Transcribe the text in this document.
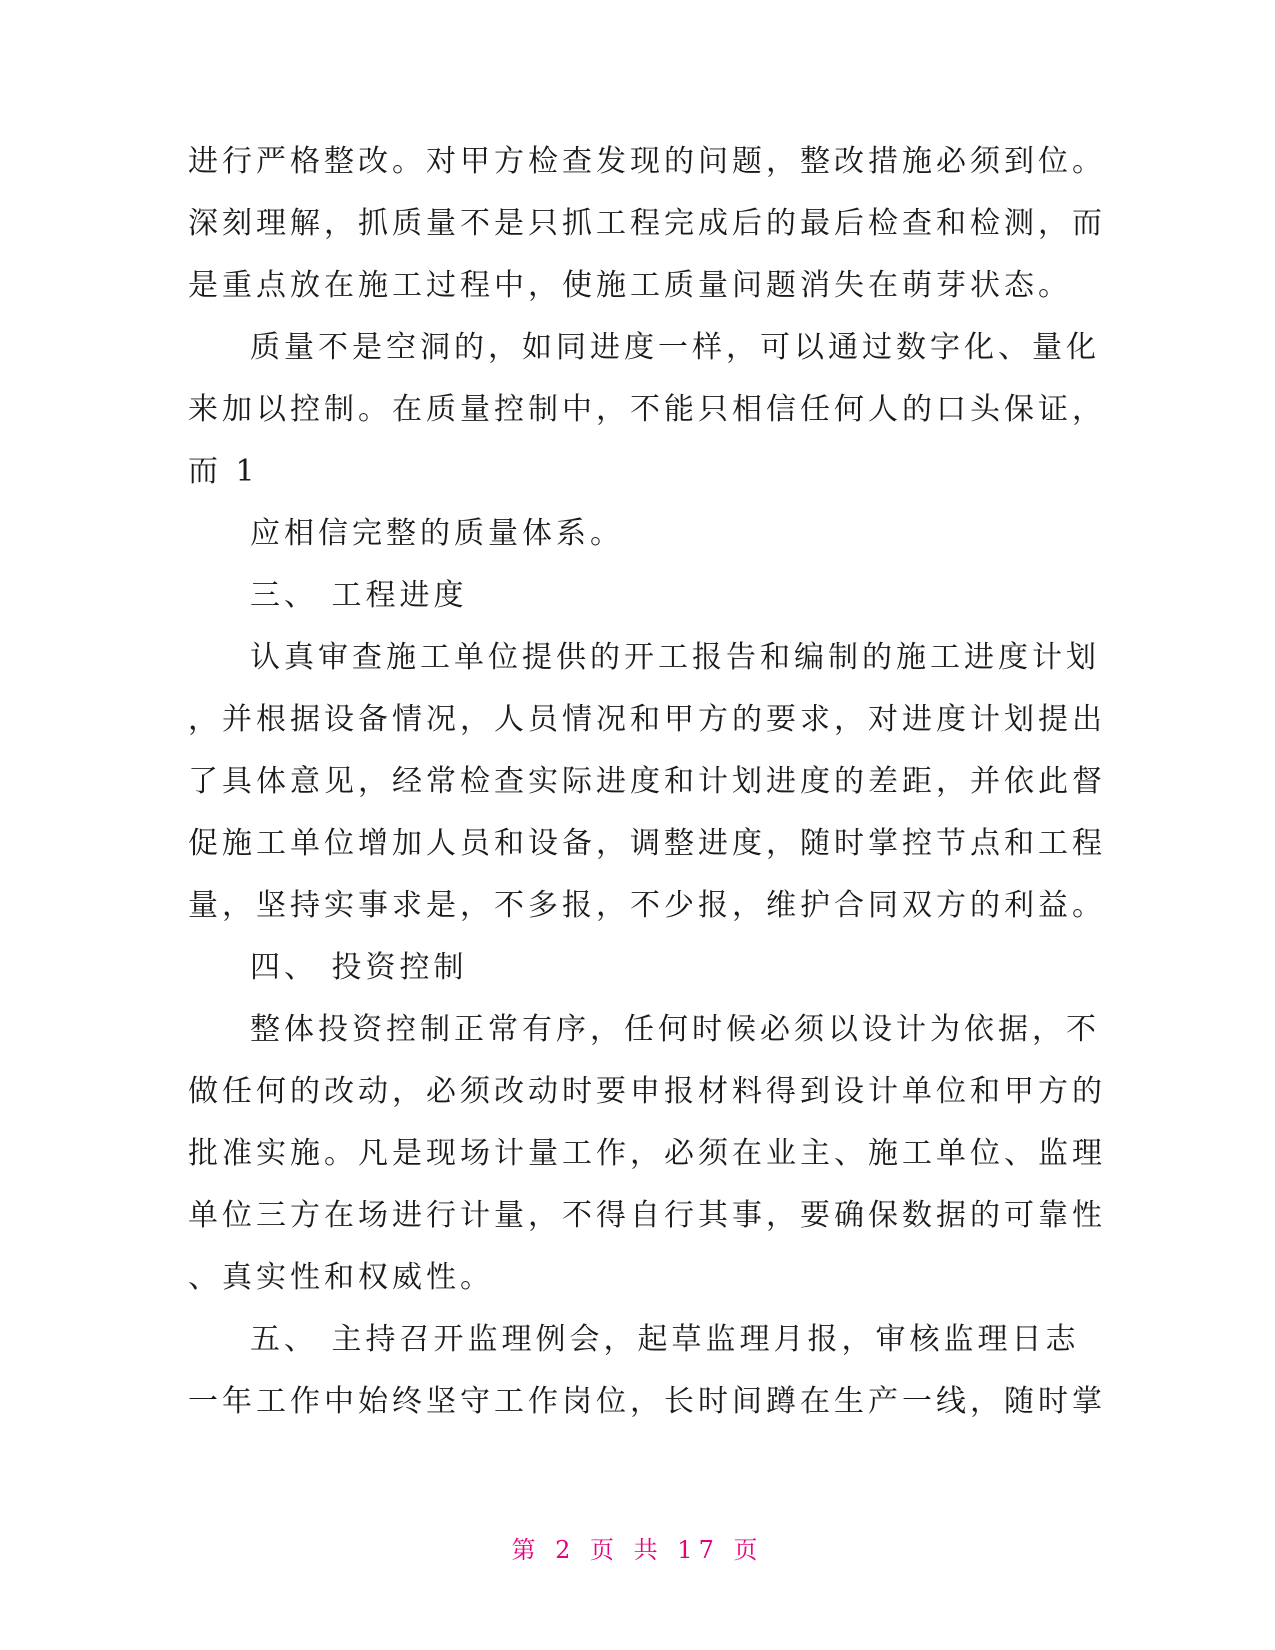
进行严格整改。对甲方检查发现的问题，整改措施必须到位。
深刻理解，抓质量不是只抓工程完成后的最后检查和检测，而
是重点放在施工过程中，使施工质量问题消失在萌芽状态。
质量不是空洞的，如同进度一样，可以通过数字化、量化
来加以控制。在质量控制中，不能只相信任何人的口头保证，
而 1
应相信完整的质量体系。
三、 工程进度
认真审查施工单位提供的开工报告和编制的施工进度计划
，并根据设备情况，人员情况和甲方的要求，对进度计划提出
了具体意见，经常检查实际进度和计划进度的差距，并依此督
促施工单位增加人员和设备，调整进度，随时掌控节点和工程
量，坚持实事求是，不多报，不少报，维护合同双方的利益。
四、 投资控制
整体投资控制正常有序，任何时候必须以设计为依据，不
做任何的改动，必须改动时要申报材料得到设计单位和甲方的
批准实施。凡是现场计量工作，必须在业主、施工单位、监理
单位三方在场进行计量，不得自行其事，要确保数据的可靠性
、真实性和权威性。
五、 主持召开监理例会，起草监理月报，审核监理日志
一年工作中始终坚守工作岗位，长时间蹲在生产一线，随时掌
第 2 页 共 17 页
